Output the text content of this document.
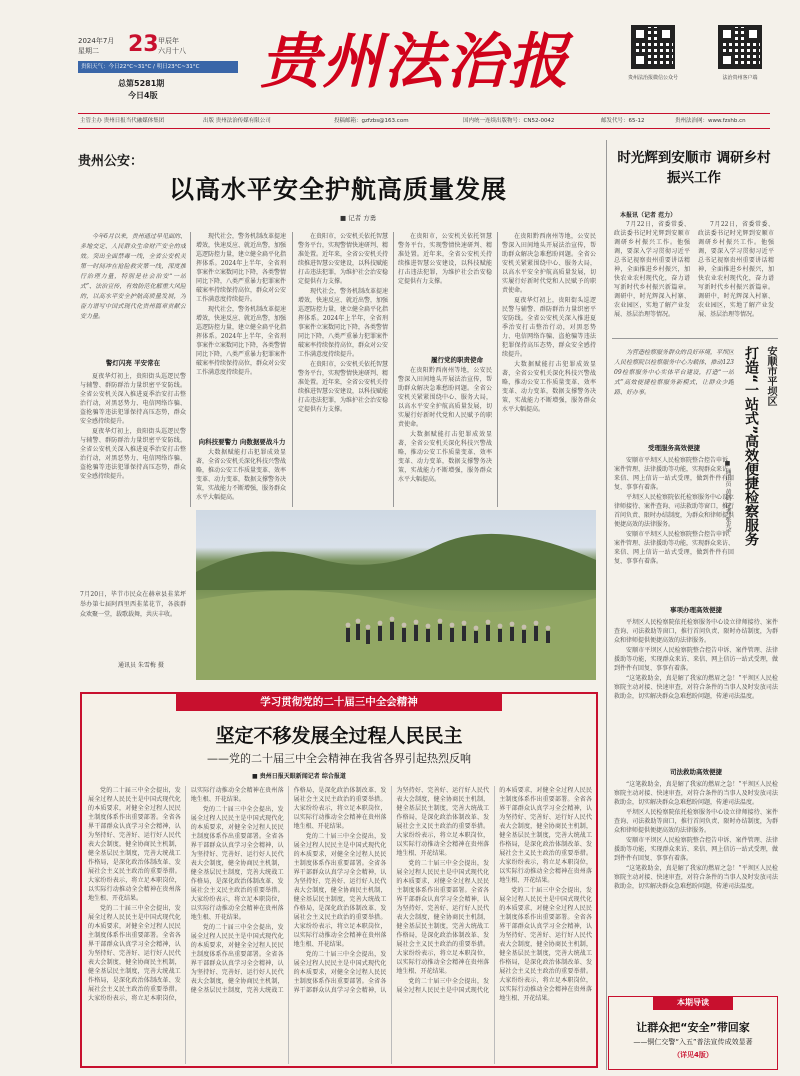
2024年7月
星期二 23 甲辰年
六月十八
贵阳天气：今日22°C~31°C / 明日23°C~31°C
总第5281期
今日4版 贵州法治报	贵州法治报微信公众号	法治贵州客户端
主管主办 贵州日报当代融媒体集团	出版 贵州法治传媒有限公司	投稿邮箱：gzfzbs@163.com	国内统一连续出版物号：CN52-0042	邮发代号：65-12	贵州法治网：www.fzshb.cn
贵州公安：
以高水平安全护航高质量发展
■ 记者 方勇

今年6月以来，贵州通过早见面的、多地交定、人民群众生命财产安全的成效。突出全面禁毒一线，全省公安机关第一时间冲在抢险救灾第一线，深度推行治理力量，特别是社会治安“一站式”、法治宣传，有效防范化解重大风险的，以高水平安全护航高质量发展，为奋力谱写中国式现代化贵州篇章贡献公安力量。

警灯闪亮 平安常在

夏夜华灯初上，贵阳街头巡逻民警与辅警、群防群治力量织密平安防线。全省公安机关深入推进夏季治安打击整治行动，对黑恶势力、电信网络诈骗、盗抢骗等违法犯罪保持高压态势，群众安全感持续提升。

夏夜华灯初上，贵阳街头巡逻民警与辅警、群防群治力量织密平安防线。全省公安机关深入推进夏季治安打击整治行动，对黑恶势力、电信网络诈骗、盗抢骗等违法犯罪保持高压态势，群众安全感持续提升。

现代社会，警务机制改革提速增效，快速反应、就近出警，加强巡逻防控力量，建立健全扁平化指挥体系。2024年上半年，全省刑事案件立案数同比下降，各类警情同比下降，八类严重暴力犯罪案件破案率持续保持高位，群众对公安工作满意度持续提升。

现代社会，警务机制改革提速增效，快速反应、就近出警，加强巡逻防控力量，建立健全扁平化指挥体系。2024年上半年，全省刑事案件立案数同比下降，各类警情同比下降，八类严重暴力犯罪案件破案率持续保持高位，群众对公安工作满意度持续提升。

向科技要警力 向数据要战斗力

大数据赋能打击犯罪成效显著，全省公安机关深化科技兴警战略，推动公安工作质量变革、效率变革、动力变革，数据支撑警务决策，实战能力不断增强，服务群众水平大幅提高。

在贵阳市，公安机关依托智慧警务平台，实现警情快速研判、精准处置。近年来，全省公安机关持续推进智慧公安建设，以科技赋能打击违法犯罪，为维护社会治安稳定提供有力支撑。

现代社会，警务机制改革提速增效，快速反应、就近出警，加强巡逻防控力量，建立健全扁平化指挥体系。2024年上半年，全省刑事案件立案数同比下降，各类警情同比下降，八类严重暴力犯罪案件破案率持续保持高位，群众对公安工作满意度持续提升。

在贵阳市，公安机关依托智慧警务平台，实现警情快速研判、精准处置。近年来，全省公安机关持续推进智慧公安建设，以科技赋能打击违法犯罪，为维护社会治安稳定提供有力支撑。

在贵阳市，公安机关依托智慧警务平台，实现警情快速研判、精准处置。近年来，全省公安机关持续推进智慧公安建设，以科技赋能打击违法犯罪，为维护社会治安稳定提供有力支撑。

履行党的职责使命

在贵阳黔西南州等地，公安民警深入田间地头开展法治宣传，帮助群众解决急难愁盼问题。全省公安机关紧紧围绕中心、服务大局，以高水平安全护航高质量发展，切实履行好新时代党和人民赋予的职责使命。

大数据赋能打击犯罪成效显著，全省公安机关深化科技兴警战略，推动公安工作质量变革、效率变革、动力变革，数据支撑警务决策，实战能力不断增强，服务群众水平大幅提高。

在贵阳黔西南州等地，公安民警深入田间地头开展法治宣传，帮助群众解决急难愁盼问题。全省公安机关紧紧围绕中心、服务大局，以高水平安全护航高质量发展，切实履行好新时代党和人民赋予的职责使命。

夏夜华灯初上，贵阳街头巡逻民警与辅警、群防群治力量织密平安防线。全省公安机关深入推进夏季治安打击整治行动，对黑恶势力、电信网络诈骗、盗抢骗等违法犯罪保持高压态势，群众安全感持续提升。

大数据赋能打击犯罪成效显著，全省公安机关深化科技兴警战略，推动公安工作质量变革、效率变革、动力变革，数据支撑警务决策，实战能力不断增强，服务群众水平大幅提高。

7月20日，毕节市民众在赫章县韭菜坪举办第七届阿西里西韭菜花节，各族群众欢聚一堂，载歌载舞，共庆丰收。

通讯员 朱雪梅 摄
时光辉到安顺市 调研乡村振兴工作
本报讯（记者 范力）

7月22日，省委常委、政法委书记时光辉到安顺市调研乡村振兴工作。他强调，要深入学习贯彻习近平总书记视察贵州重要讲话精神，全面推进乡村振兴，加快农业农村现代化，奋力谱写新时代乡村振兴新篇章。调研中，时光辉深入村寨、农业园区，实地了解产业发展、基层治理等情况。

7月22日，省委常委、政法委书记时光辉到安顺市调研乡村振兴工作。他强调，要深入学习贯彻习近平总书记视察贵州重要讲话精神，全面推进乡村振兴，加快农业农村现代化，奋力谱写新时代乡村振兴新篇章。调研中，时光辉深入村寨、农业园区，实地了解产业发展、基层治理等情况。

安顺市平坝区
打造“一站式”高效便捷检察服务
■ 通讯员 黄鹤 记者 张光平

为营造检察服务群众的良好环境，平坝区人民检察院以检察服务中心为载体，推动12309检察服务中心实体平台建设，打造“一站式”高效便捷检察服务新模式，让群众少跑路、好办事。

受理服务高效便捷

安顺市平坝区人民检察院整合控告申诉、案件管理、法律援助等功能，实现群众来访、来信、网上信访一站式受理，做到件件有回复、事事有着落。

平坝区人民检察院依托检察服务中心设立律师接待、案件查询、司法救助等窗口，推行首问负责、限时办结制度，为群众和律师提供便捷高效的法律服务。

安顺市平坝区人民检察院整合控告申诉、案件管理、法律援助等功能，实现群众来访、来信、网上信访一站式受理，做到件件有回复、事事有着落。

事项办理高效便捷

平坝区人民检察院依托检察服务中心设立律师接待、案件查询、司法救助等窗口，推行首问负责、限时办结制度，为群众和律师提供便捷高效的法律服务。

安顺市平坝区人民检察院整合控告申诉、案件管理、法律援助等功能，实现群众来访、来信、网上信访一站式受理，做到件件有回复、事事有着落。

“这笔救助金，真是解了我家的燃眉之急！”平坝区人民检察院主动对接、快速审查，对符合条件的当事人及时发放司法救助金，切实解决群众急难愁盼问题，传递司法温度。

司法救助高效便捷

“这笔救助金，真是解了我家的燃眉之急！”平坝区人民检察院主动对接、快速审查，对符合条件的当事人及时发放司法救助金，切实解决群众急难愁盼问题，传递司法温度。

平坝区人民检察院依托检察服务中心设立律师接待、案件查询、司法救助等窗口，推行首问负责、限时办结制度，为群众和律师提供便捷高效的法律服务。

安顺市平坝区人民检察院整合控告申诉、案件管理、法律援助等功能，实现群众来访、来信、网上信访一站式受理，做到件件有回复、事事有着落。

“这笔救助金，真是解了我家的燃眉之急！”平坝区人民检察院主动对接、快速审查，对符合条件的当事人及时发放司法救助金，切实解决群众急难愁盼问题，传递司法温度。

学习贯彻党的二十届三中全会精神
坚定不移发展全过程人民民主
——党的二十届三中全会精神在我省各界引起热烈反响
■ 贵州日报天眼新闻记者 综合报道

党的二十届三中全会提出，发展全过程人民民主是中国式现代化的本质要求，对健全全过程人民民主制度体系作出重要部署。全省各界干部群众认真学习全会精神，认为坚持好、完善好、运行好人民代表大会制度，健全协商民主机制，健全基层民主制度，完善大统战工作格局，是深化政治体制改革、发展社会主义民主政治的重要举措。大家纷纷表示，将立足本职岗位，以实际行动推动全会精神在贵州落地生根、开花结果。

党的二十届三中全会提出，发展全过程人民民主是中国式现代化的本质要求，对健全全过程人民民主制度体系作出重要部署。全省各界干部群众认真学习全会精神，认为坚持好、完善好、运行好人民代表大会制度，健全协商民主机制，健全基层民主制度，完善大统战工作格局，是深化政治体制改革、发展社会主义民主政治的重要举措。大家纷纷表示，将立足本职岗位，以实际行动推动全会精神在贵州落地生根、开花结果。

党的二十届三中全会提出，发展全过程人民民主是中国式现代化的本质要求，对健全全过程人民民主制度体系作出重要部署。全省各界干部群众认真学习全会精神，认为坚持好、完善好、运行好人民代表大会制度，健全协商民主机制，健全基层民主制度，完善大统战工作格局，是深化政治体制改革、发展社会主义民主政治的重要举措。大家纷纷表示，将立足本职岗位，以实际行动推动全会精神在贵州落地生根、开花结果。

党的二十届三中全会提出，发展全过程人民民主是中国式现代化的本质要求，对健全全过程人民民主制度体系作出重要部署。全省各界干部群众认真学习全会精神，认为坚持好、完善好、运行好人民代表大会制度，健全协商民主机制，健全基层民主制度，完善大统战工作格局，是深化政治体制改革、发展社会主义民主政治的重要举措。大家纷纷表示，将立足本职岗位，以实际行动推动全会精神在贵州落地生根、开花结果。

党的二十届三中全会提出，发展全过程人民民主是中国式现代化的本质要求，对健全全过程人民民主制度体系作出重要部署。全省各界干部群众认真学习全会精神，认为坚持好、完善好、运行好人民代表大会制度，健全协商民主机制，健全基层民主制度，完善大统战工作格局，是深化政治体制改革、发展社会主义民主政治的重要举措。大家纷纷表示，将立足本职岗位，以实际行动推动全会精神在贵州落地生根、开花结果。

党的二十届三中全会提出，发展全过程人民民主是中国式现代化的本质要求，对健全全过程人民民主制度体系作出重要部署。全省各界干部群众认真学习全会精神，认为坚持好、完善好、运行好人民代表大会制度，健全协商民主机制，健全基层民主制度，完善大统战工作格局，是深化政治体制改革、发展社会主义民主政治的重要举措。大家纷纷表示，将立足本职岗位，以实际行动推动全会精神在贵州落地生根、开花结果。

党的二十届三中全会提出，发展全过程人民民主是中国式现代化的本质要求，对健全全过程人民民主制度体系作出重要部署。全省各界干部群众认真学习全会精神，认为坚持好、完善好、运行好人民代表大会制度，健全协商民主机制，健全基层民主制度，完善大统战工作格局，是深化政治体制改革、发展社会主义民主政治的重要举措。大家纷纷表示，将立足本职岗位，以实际行动推动全会精神在贵州落地生根、开花结果。

党的二十届三中全会提出，发展全过程人民民主是中国式现代化的本质要求，对健全全过程人民民主制度体系作出重要部署。全省各界干部群众认真学习全会精神，认为坚持好、完善好、运行好人民代表大会制度，健全协商民主机制，健全基层民主制度，完善大统战工作格局，是深化政治体制改革、发展社会主义民主政治的重要举措。大家纷纷表示，将立足本职岗位，以实际行动推动全会精神在贵州落地生根、开花结果。

党的二十届三中全会提出，发展全过程人民民主是中国式现代化的本质要求，对健全全过程人民民主制度体系作出重要部署。全省各界干部群众认真学习全会精神，认为坚持好、完善好、运行好人民代表大会制度，健全协商民主机制，健全基层民主制度，完善大统战工作格局，是深化政治体制改革、发展社会主义民主政治的重要举措。大家纷纷表示，将立足本职岗位，以实际行动推动全会精神在贵州落地生根、开花结果。	本期导读
让群众把“安全”带回家
——铜仁交警“入五”普法宣传成效显著
（详见4版）
